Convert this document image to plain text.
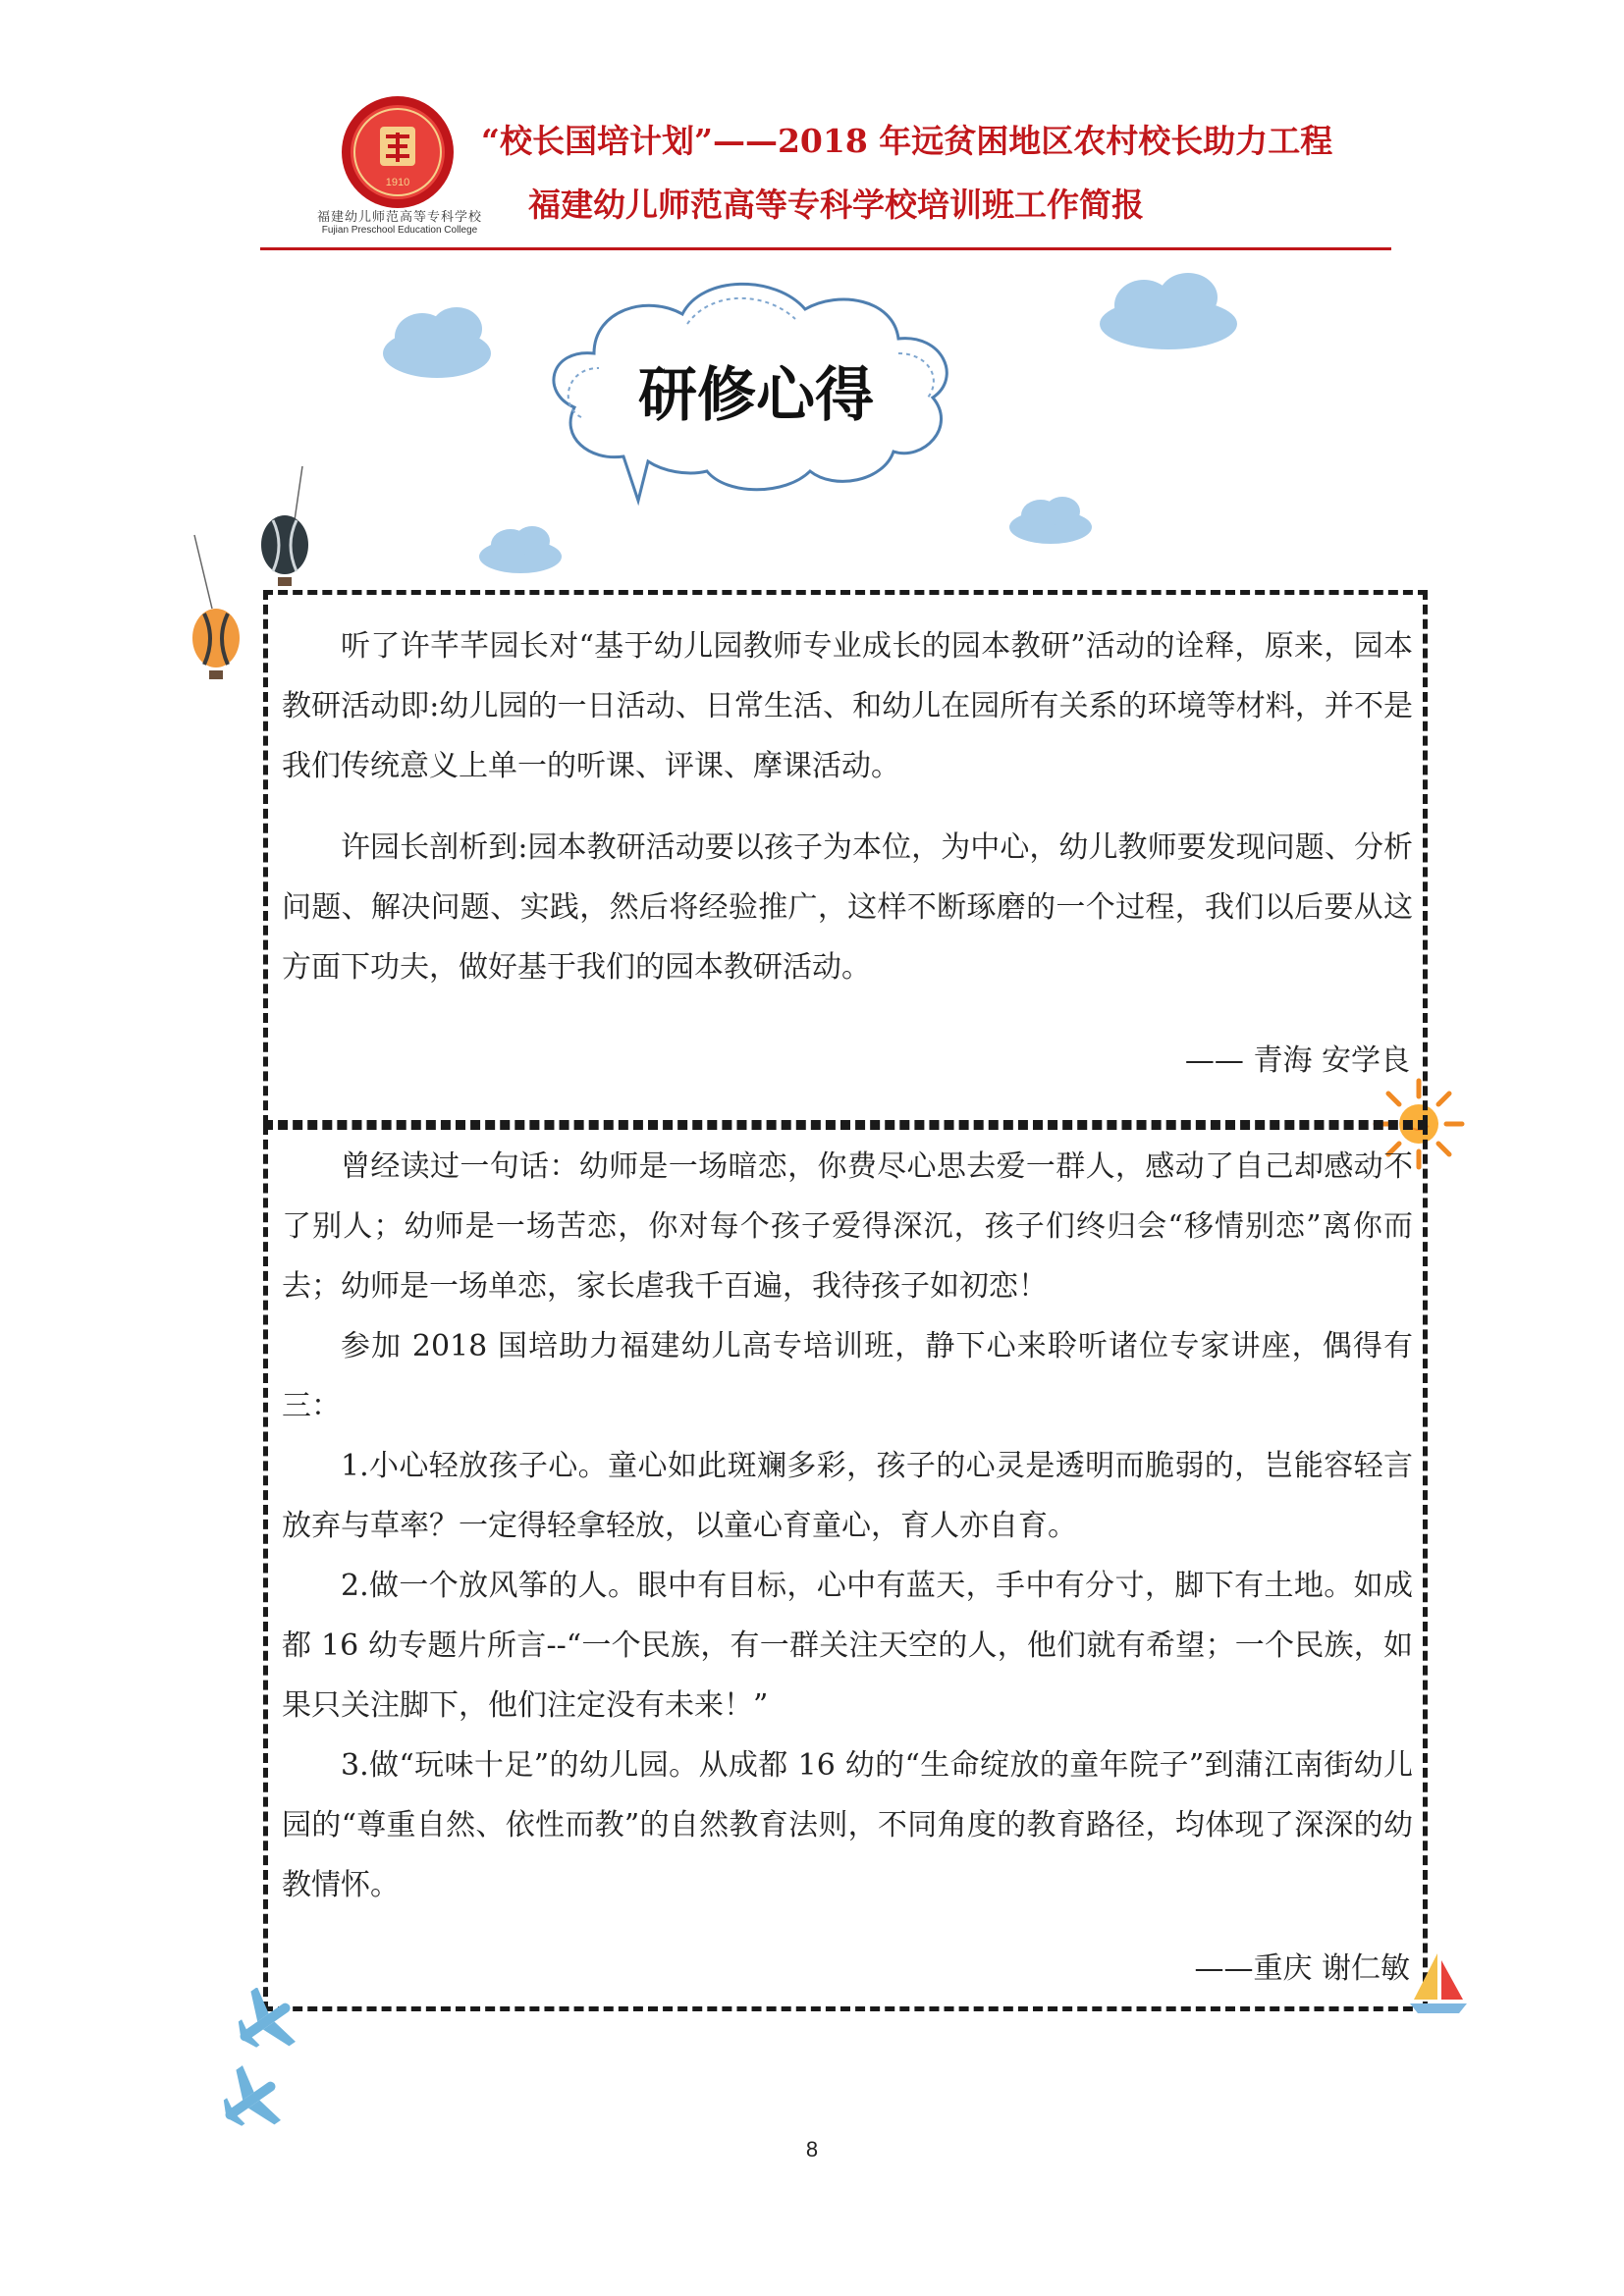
1910
福建幼儿师范高等专科学校
Fujian Preschool Education College
“校长国培计划”——2018 年远贫困地区农村校长助力工程
福建幼儿师范高等专科学校培训班工作简报
研修心得

听了许芊芊园长对“基于幼儿园教师专业成长的园本教研”活动的诠释，原来，园本教研活动即:幼儿园的一日活动、日常生活、和幼儿在园所有关系的环境等材料，并不是我们传统意义上单一的听课、评课、摩课活动。

许园长剖析到:园本教研活动要以孩子为本位，为中心，幼儿教师要发现问题、分析问题、解决问题、实践，然后将经验推广，这样不断琢磨的一个过程，我们以后要从这方面下功夫，做好基于我们的园本教研活动。

—— 青海 安学良

曾经读过一句话：幼师是一场暗恋，你费尽心思去爱一群人，感动了自己却感动不了别人；幼师是一场苦恋，你对每个孩子爱得深沉，孩子们终归会“移情别恋”离你而去；幼师是一场单恋，家长虐我千百遍，我待孩子如初恋！

参加 2018 国培助力福建幼儿高专培训班，静下心来聆听诸位专家讲座，偶得有三：

1.小心轻放孩子心。童心如此斑斓多彩，孩子的心灵是透明而脆弱的，岂能容轻言放弃与草率？一定得轻拿轻放，以童心育童心，育人亦自育。

2.做一个放风筝的人。眼中有目标，心中有蓝天，手中有分寸，脚下有土地。如成都 16 幼专题片所言--“一个民族，有一群关注天空的人，他们就有希望；一个民族，如果只关注脚下，他们注定没有未来！”

3.做“玩味十足”的幼儿园。从成都 16 幼的“生命绽放的童年院子”到蒲江南街幼儿园的“尊重自然、依性而教”的自然教育法则，不同角度的教育路径，均体现了深深的幼教情怀。

——重庆 谢仁敏
8
